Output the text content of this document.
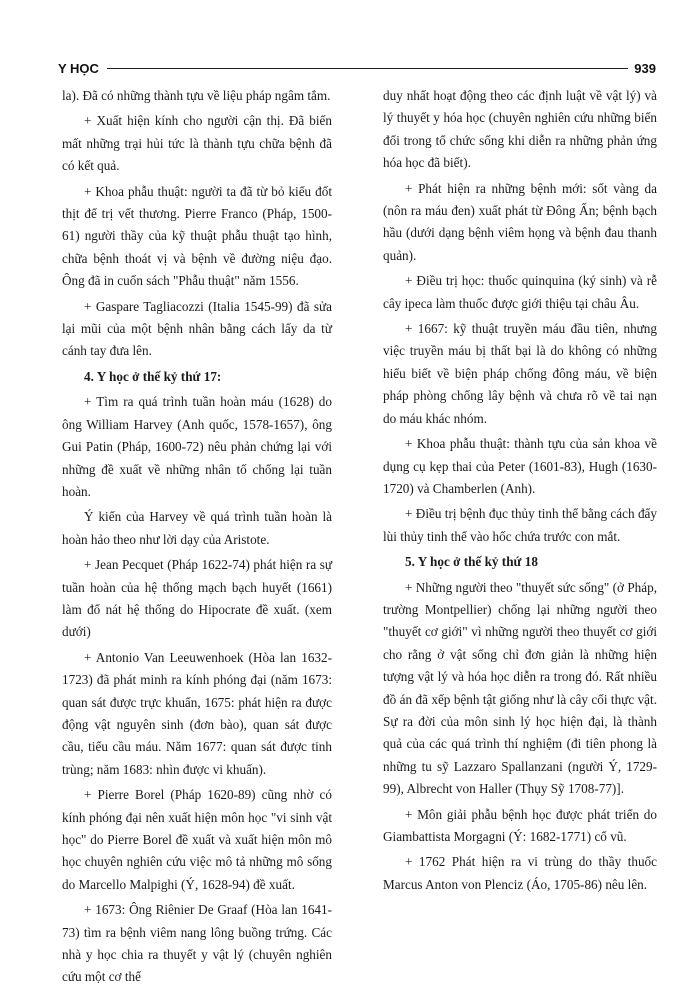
Y HỌC	939

la). Đã có những thành tựu về liệu pháp ngâm tắm.

+ Xuất hiện kính cho người cận thị. Đã biến mất những trại hủi tức là thành tựu chữa bệnh đã có kết quả.

+ Khoa phẫu thuật: người ta đã từ bỏ kiểu đốt thịt để trị vết thương. Pierre Franco (Pháp, 1500-61) người thầy của kỹ thuật phẫu thuật tạo hình, chữa bệnh thoát vị và bệnh về đường niệu đạo. Ông đã in cuốn sách "Phẫu thuật" năm 1556.

+ Gaspare Tagliacozzi (Italia 1545-99) đã sửa lại mũi của một bệnh nhân bằng cách lấy da từ cánh tay đưa lên.

4. Y học ở thế kỷ thứ 17:

+ Tìm ra quá trình tuần hoàn máu (1628) do ông William Harvey (Anh quốc, 1578-1657), ông Gui Patin (Pháp, 1600-72) nêu phản chứng lại với những đề xuất về những nhân tố chống lại tuần hoàn.

Ý kiến của Harvey về quá trình tuần hoàn là hoàn hảo theo như lời dạy của Aristote.

+ Jean Pecquet (Pháp 1622-74) phát hiện ra sự tuần hoàn của hệ thống mạch bạch huyết (1661) làm đổ nát hệ thống do Hipocrate đề xuất. (xem dưới)

+ Antonio Van Leeuwenhoek (Hòa lan 1632-1723) đã phát minh ra kính phóng đại (năm 1673: quan sát được trực khuẩn, 1675: phát hiện ra được động vật nguyên sinh (đơn bào), quan sát được cầu, tiểu cầu máu. Năm 1677: quan sát được tinh trùng; năm 1683: nhìn được vi khuẩn).

+ Pierre Borel (Pháp 1620-89) cũng nhờ có kính phóng đại nên xuất hiện môn học "vi sinh vật học" do Pierre Borel đề xuất và xuất hiện môn mô học chuyên nghiên cứu việc mô tả những mô sống do Marcello Malpighi (Ý, 1628-94) đề xuất.

+ 1673: Ông Riênier De Graaf (Hòa lan 1641-73) tìm ra bệnh viêm nang lông buồng trứng. Các nhà y học chia ra thuyết y vật lý (chuyên nghiên cứu một cơ thể

duy nhất hoạt động theo các định luật về vật lý) và lý thuyết y hóa học (chuyên nghiên cứu những biến đổi trong tổ chức sống khi diễn ra những phản ứng hóa học đã biết).

+ Phát hiện ra những bệnh mới: sốt vàng da (nôn ra máu đen) xuất phát từ Đông Ấn; bệnh bạch hầu (dưới dạng bệnh viêm họng và bệnh đau thanh quản).

+ Điều trị học: thuốc quinquina (ký sinh) và rễ cây ipeca làm thuốc được giới thiệu tại châu Âu.

+ 1667: kỹ thuật truyền máu đầu tiên, nhưng việc truyền máu bị thất bại là do không có những hiểu biết về biện pháp chống đông máu, về biện pháp phòng chống lây bệnh và chưa rõ về tai nạn do máu khác nhóm.

+ Khoa phẫu thuật: thành tựu của sản khoa về dụng cụ kẹp thai của Peter (1601-83), Hugh (1630-1720) và Chamberlen (Anh).

+ Điều trị bệnh đục thủy tinh thể bằng cách đẩy lùi thủy tinh thể vào hốc chứa trước con mắt.

5. Y học ở thế kỷ thứ 18

+ Những người theo "thuyết sức sống" (ở Pháp, trường Montpellier) chống lại những người theo "thuyết cơ giới" vì những người theo thuyết cơ giới cho rằng ở vật sống chỉ đơn giản là những hiện tượng vật lý và hóa học diễn ra trong đó. Rất nhiều đồ án đã xếp bệnh tật giống như là cây cối thực vật. Sự ra đời của môn sinh lý học hiện đại, là thành quả của các quá trình thí nghiệm (đi tiên phong là những tu sỹ Lazzaro Spallanzani (người Ý, 1729-99), Albrecht von Haller (Thụy Sỹ 1708-77)].

+ Môn giải phẫu bệnh học được phát triển do Giambattista Morgagni (Ý: 1682-1771) cổ vũ.

+ 1762 Phát hiện ra vi trùng do thầy thuốc Marcus Anton von Plenciz (Áo, 1705-86) nêu lên.
